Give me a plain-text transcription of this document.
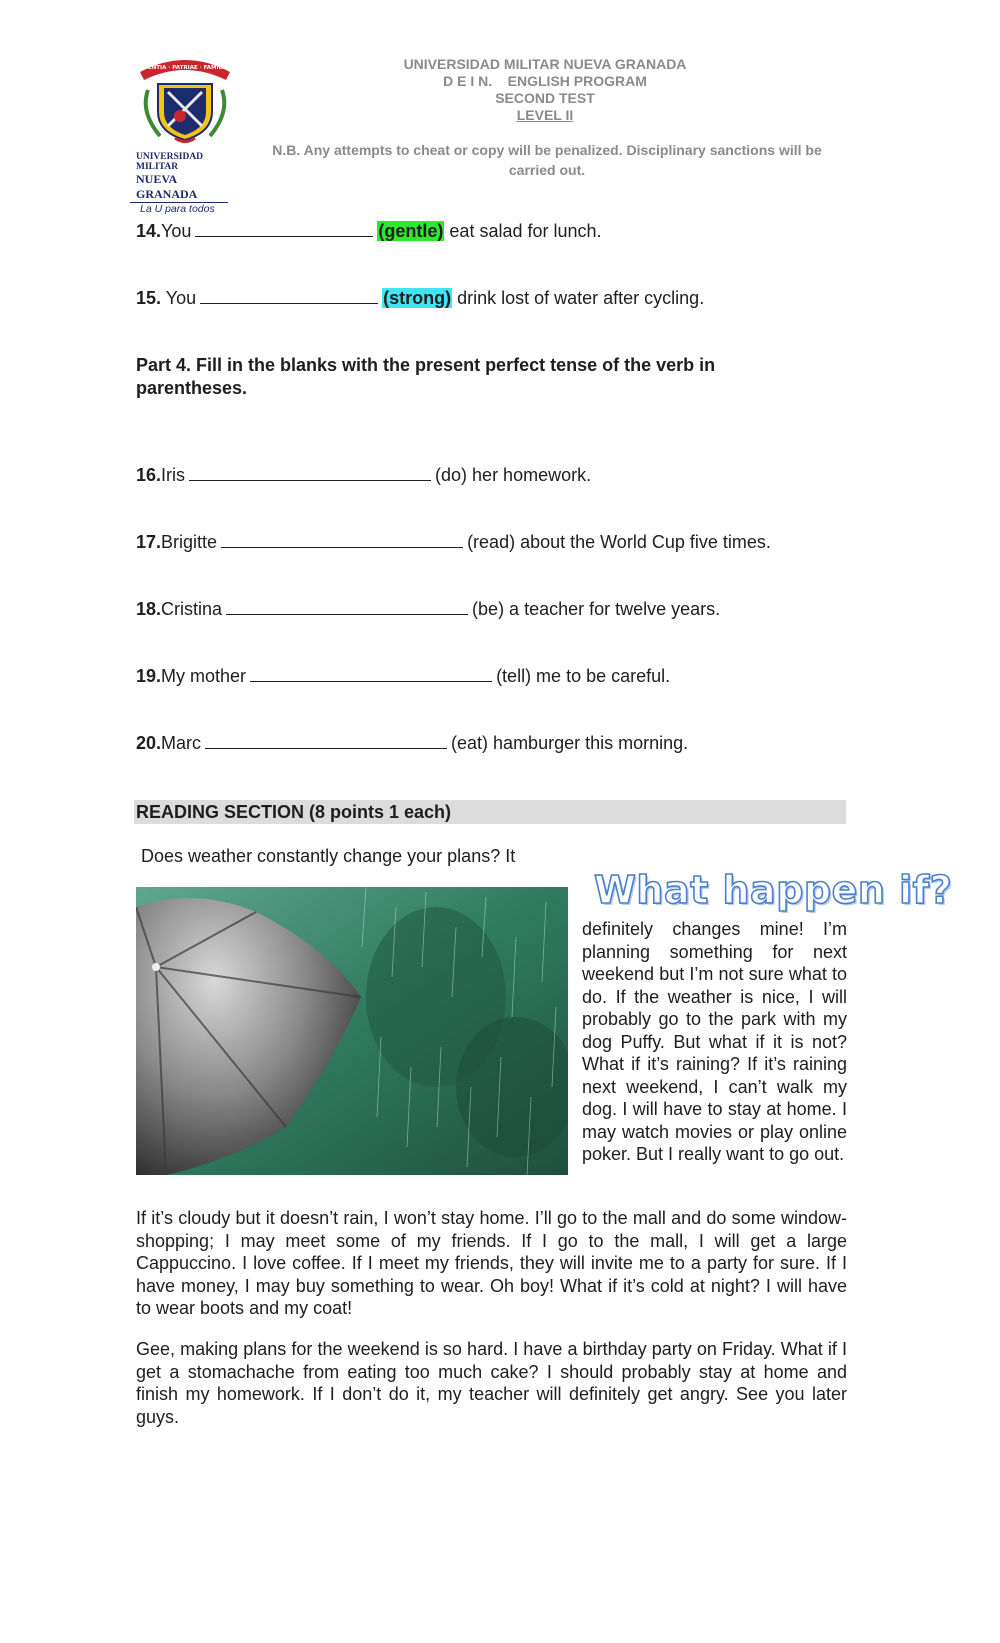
SCIENTIA · PATRIAE · FAMILIAE
UNIVERSIDAD MILITAR
NUEVA GRANADA
La U para todos
UNIVERSIDAD MILITAR NUEVA GRANADA
D E I N.    ENGLISH PROGRAM
SECOND TEST
LEVEL II
N.B. Any attempts to cheat or copy will be penalized. Disciplinary sanctions will be carried out.
14.You	(gentle) eat salad for lunch.
15. You	(strong) drink lost of water after cycling.
Part 4. Fill in the blanks with the present perfect tense of the verb in parentheses.
16.Iris	(do) her homework.
17.Brigitte	(read) about the World Cup five times.
18.Cristina	(be) a teacher for twelve years.
19.My mother	(tell) me to be careful.
20.Marc	(eat) hamburger this morning.
READING SECTION (8 points 1 each)
Does weather constantly change your plans? It
What happen if?
definitely changes mine! I’m planning something for next weekend but I’m not sure what to do. If the weather is nice, I will probably go to the park with my dog Puffy. But what if it is not? What if it’s raining? If it’s raining next weekend, I can’t walk my dog. I will have to stay at home. I may watch movies or play online poker. But I really want to go out.
If it’s cloudy but it doesn’t rain, I won’t stay home. I’ll go to the mall and do some window-shopping; I may meet some of my friends. If I go to the mall, I will get a large Cappuccino. I love coffee. If I meet my friends, they will invite me to a party for sure. If I have money, I may buy something to wear. Oh boy! What if it’s cold at night? I will have to wear boots and my coat!
Gee, making plans for the weekend is so hard. I have a birthday party on Friday. What if I get a stomachache from eating too much cake? I should probably stay at home and finish my homework. If I don’t do it, my teacher will definitely get angry. See you later guys.
